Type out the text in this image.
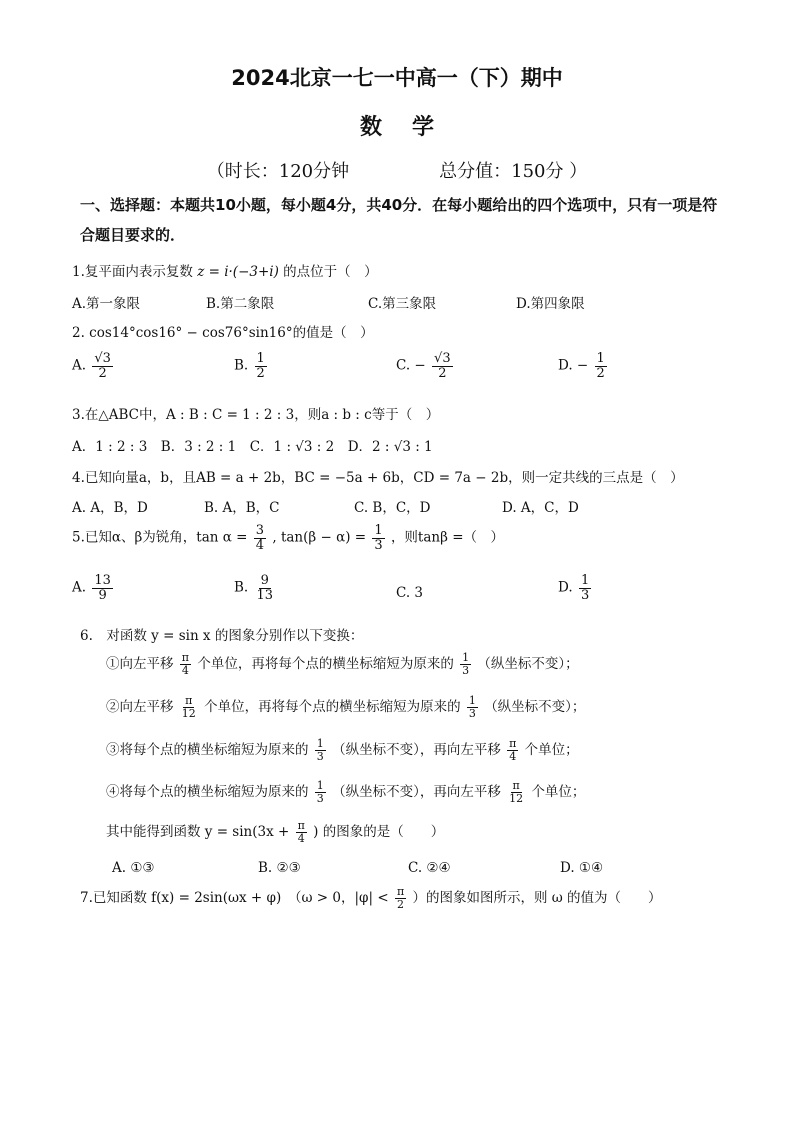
2024北京一七一中高一（下）期中
数学
（时长：120分钟	总分值：150分 ）
一、选择题：本题共10小题，每小题4分，共40分．在每小题给出的四个选项中，只有一项是符合题目要求的．
1.复平面内表示复数 z = i·(−3+i) 的点位于（　）
A.第一象限	B.第二象限	C.第三象限	D.第四象限
2. cos14°cos16° − cos76°sin16°的值是（　）
A. $\frac{√3}{2}$	B. $\frac{1}{2}$	C. − $\frac{√3}{2}$	D. − $\frac{1}{2}$
3.在△ABC中，A : B : C = 1 : 2 : 3，则a : b : c等于（　）
A．1 : 2 : 3　B．3 : 2 : 1　C．1 : √3 : 2　D．2 : √3 : 1
4.已知向量a，b，且AB = a + 2b，BC = −5a + 6b，CD = 7a − 2b，则一定共线的三点是（　）
A. A，B，D	B. A，B，C	C. B，C，D	D. A，C，D
5.已知α、β为锐角，$\tan \alpha = \frac{3}{4}$ , $\tan(\beta - \alpha) = \frac{1}{3}$ ，则tanβ =（　）
A. $\frac{13}{9}$	B. $\frac{9}{13}$	C. 3	D. $\frac{1}{3}$
6.　对函数 y = sin x 的图象分别作以下变换：
①向左平移 $\frac{\pi}{4}$ 个单位，再将每个点的横坐标缩短为原来的 $\frac{1}{3}$ （纵坐标不变）；
②向左平移 $\frac{\pi}{12}$ 个单位，再将每个点的横坐标缩短为原来的 $\frac{1}{3}$ （纵坐标不变）；
③将每个点的横坐标缩短为原来的 $\frac{1}{3}$ （纵坐标不变），再向左平移 $\frac{\pi}{4}$ 个单位；
④将每个点的横坐标缩短为原来的 $\frac{1}{3}$ （纵坐标不变），再向左平移 $\frac{\pi}{12}$ 个单位；
其中能得到函数 $y = \sin(3x + \frac{\pi}{4}$ ) 的图象的是（　　）
A. ①③	B. ②③	C. ②④	D. ①④
7.已知函数 f(x) = 2sin(ωx + φ)　（ω > 0，$|\varphi| < \frac{\pi}{2}$ ）的图象如图所示，则 ω 的值为（　　）
